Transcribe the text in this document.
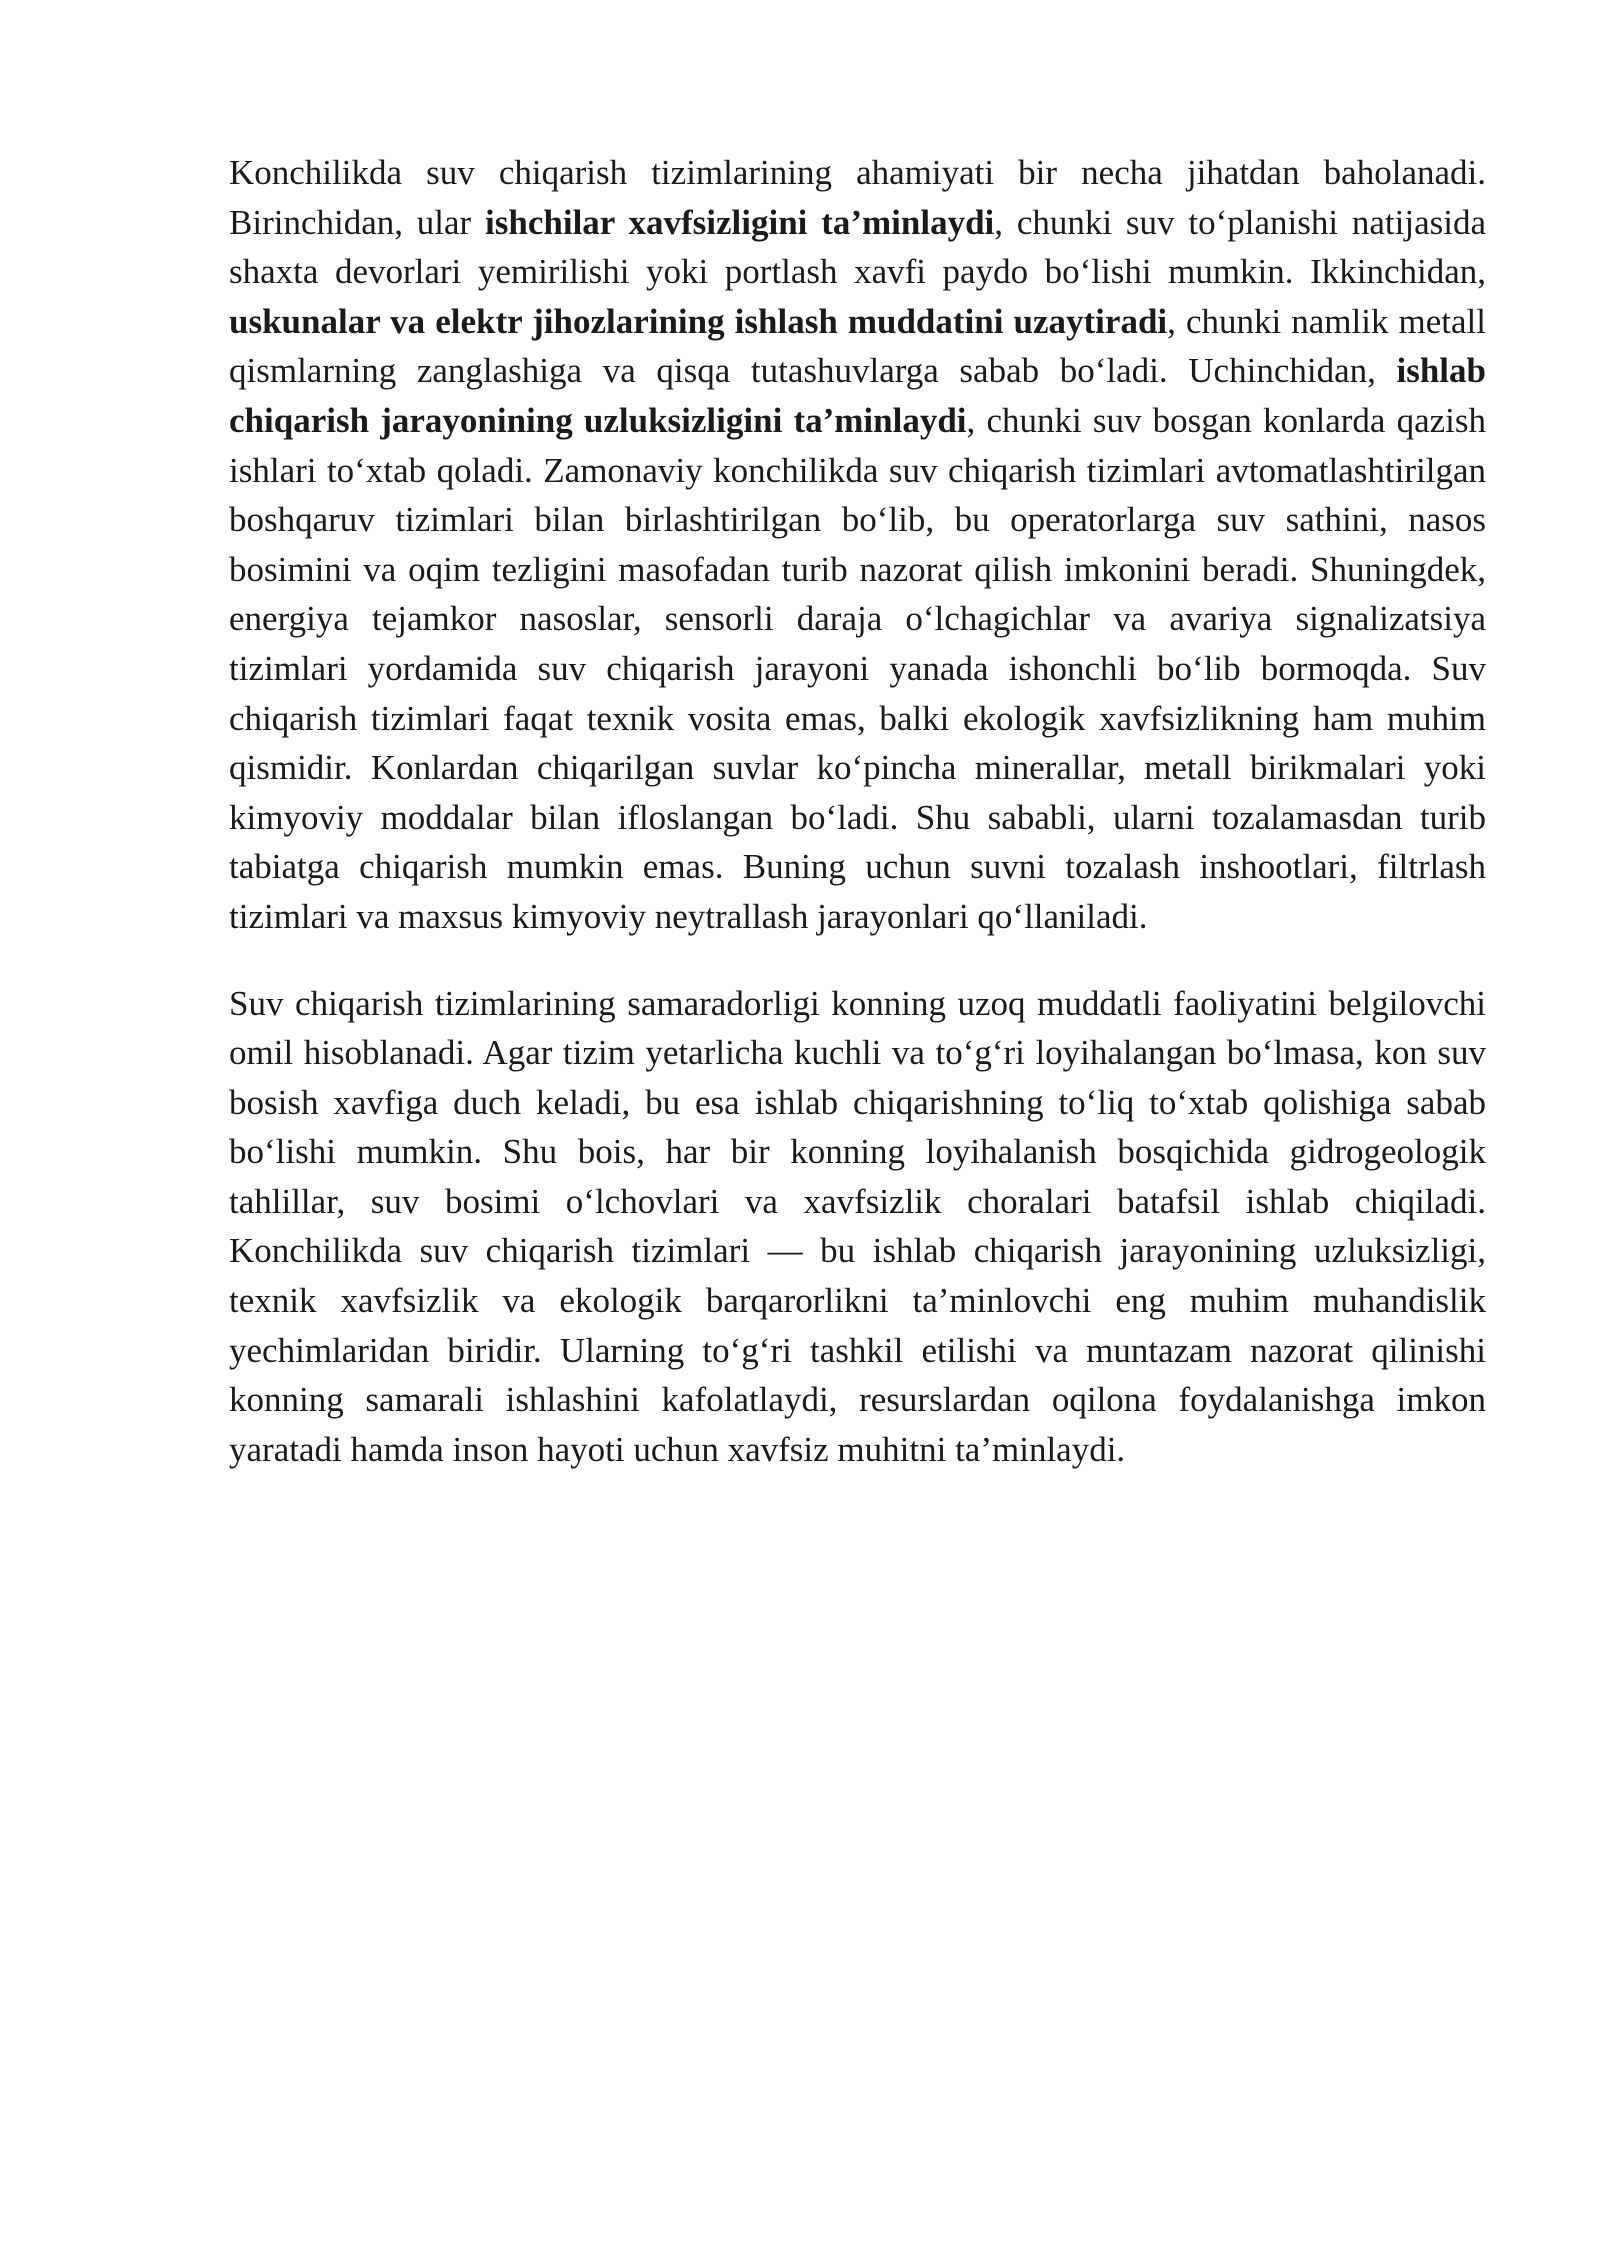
Konchilikda suv chiqarish tizimlarining ahamiyati bir necha jihatdan baholanadi. Birinchidan, ular ishchilar xavfsizligini ta’minlaydi, chunki suv to‘planishi natijasida shaxta devorlari yemirilishi yoki portlash xavfi paydo bo‘lishi mumkin. Ikkinchidan, uskunalar va elektr jihozlarining ishlash muddatini uzaytiradi, chunki namlik metall qismlarning zanglashiga va qisqa tutashuvlarga sabab bo‘ladi. Uchinchidan, ishlab chiqarish jarayonining uzluksizligini ta’minlaydi, chunki suv bosgan konlarda qazish ishlari to‘xtab qoladi. Zamonaviy konchilikda suv chiqarish tizimlari avtomatlashtirilgan boshqaruv tizimlari bilan birlashtirilgan bo‘lib, bu operatorlarga suv sathini, nasos bosimini va oqim tezligini masofadan turib nazorat qilish imkonini beradi. Shuningdek, energiya tejamkor nasoslar, sensorli daraja o‘lchagichlar va avariya signalizatsiya tizimlari yordamida suv chiqarish jarayoni yanada ishonchli bo‘lib bormoqda. Suv chiqarish tizimlari faqat texnik vosita emas, balki ekologik xavfsizlikning ham muhim qismidir. Konlardan chiqarilgan suvlar ko‘pincha minerallar, metall birikmalari yoki kimyoviy moddalar bilan ifloslangan bo‘ladi. Shu sababli, ularni tozalamasdan turib tabiatga chiqarish mumkin emas. Buning uchun suvni tozalash inshootlari, filtrlash tizimlari va maxsus kimyoviy neytrallash jarayonlari qo‘llaniladi.

Suv chiqarish tizimlarining samaradorligi konning uzoq muddatli faoliyatini belgilovchi omil hisoblanadi. Agar tizim yetarlicha kuchli va to‘g‘ri loyihalangan bo‘lmasa, kon suv bosish xavfiga duch keladi, bu esa ishlab chiqarishning to‘liq to‘xtab qolishiga sabab bo‘lishi mumkin. Shu bois, har bir konning loyihalanish bosqichida gidrogeologik tahlillar, suv bosimi o‘lchovlari va xavfsizlik choralari batafsil ishlab chiqiladi. Konchilikda suv chiqarish tizimlari — bu ishlab chiqarish jarayonining uzluksizligi, texnik xavfsizlik va ekologik barqarorlikni ta’minlovchi eng muhim muhandislik yechimlaridan biridir. Ularning to‘g‘ri tashkil etilishi va muntazam nazorat qilinishi konning samarali ishlashini kafolatlaydi, resurslardan oqilona foydalanishga imkon yaratadi hamda inson hayoti uchun xavfsiz muhitni ta’minlaydi.
